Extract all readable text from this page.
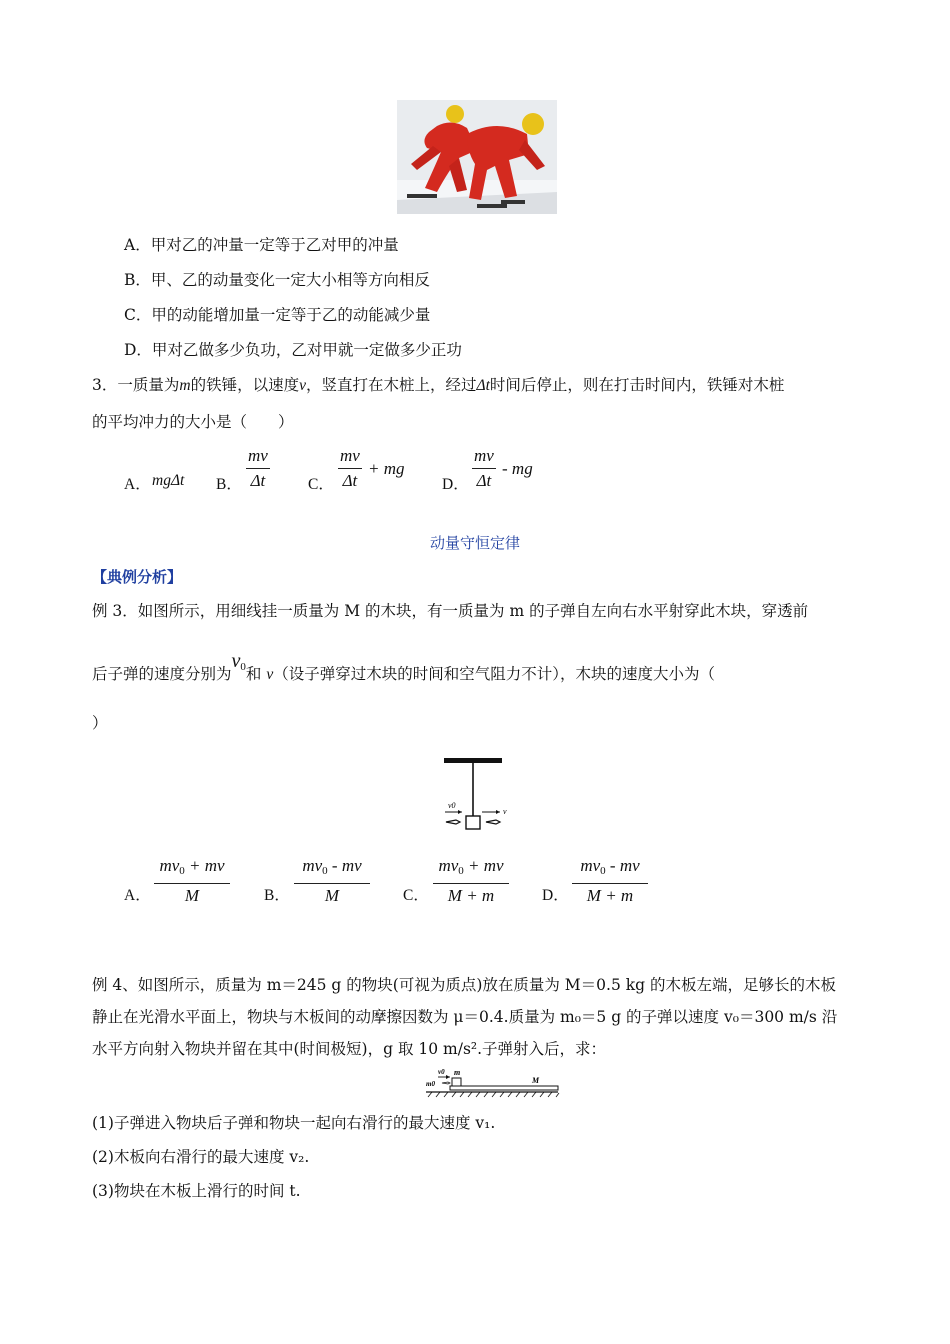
A．甲对乙的冲量一定等于乙对甲的冲量
B．甲、乙的动量变化一定大小相等方向相反
C．甲的动能增加量一定等于乙的动能减少量
D．甲对乙做多少负功，乙对甲就一定做多少正功
3．一质量为m的铁锤，以速度v，竖直打在木桩上，经过Δt时间后停止，则在打击时间内，铁锤对木桩
的平均冲力的大小是（　　）
A． mgΔt B．
mv
Δt	C．
mv
Δt
+ mg
D．
mv
Δt
- mg
动量守恒定律
【典例分析】
例 3．如图所示，用细线挂一质量为 M 的木块，有一质量为 m 的子弹自左向右水平射穿此木块，穿透前
后子弹的速度分别为$v_0$和 v（设子弹穿过木块的时间和空气阻力不计），木块的速度大小为（
）
v0
v
A．
$mv_0$ + mv
M	B．
$mv_0$ - mv
M	C．
$mv_0$ + mv
M + m	D．
$mv_0$ - mv
M + m
例 4、如图所示，质量为 m＝245 g 的物块(可视为质点)放在质量为 M＝0.5 kg 的木板左端，足够长的木板
静止在光滑水平面上，物块与木板间的动摩擦因数为 μ＝0.4.质量为 m₀＝5 g 的子弹以速度 v₀＝300 m/s 沿
水平方向射入物块并留在其中(时间极短)，g 取 10 m/s².子弹射入后，求：
v0 m
m0	M
(1)子弹进入物块后子弹和物块一起向右滑行的最大速度 v₁.
(2)木板向右滑行的最大速度 v₂.
(3)物块在木板上滑行的时间 t.
